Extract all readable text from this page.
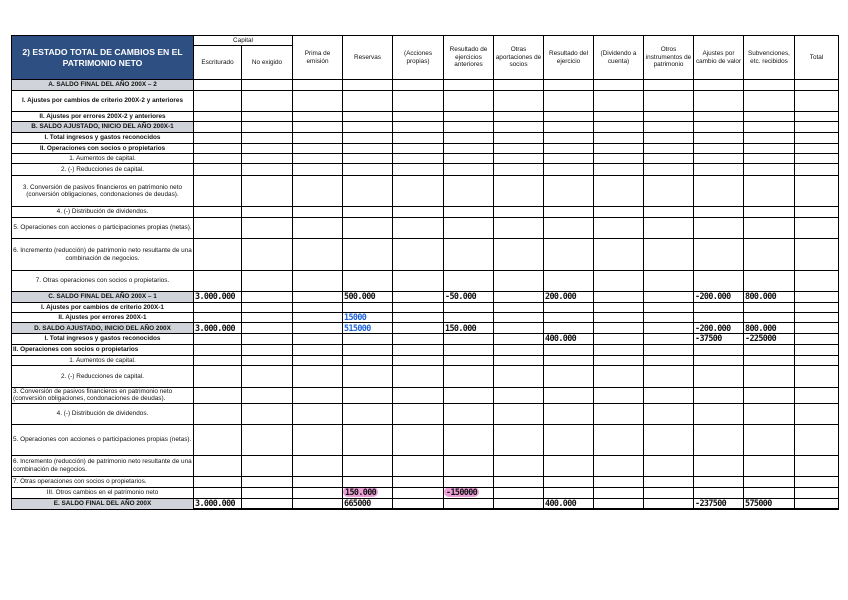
2) ESTADO TOTAL DE CAMBIOS EN EL PATRIMONIO NETO	Capital		Prima de emisión	Reservas	(Acciones propias)	Resultado de ejercicios anteriores	Otras aportaciones de socios	Resultado del ejercicio	(Dividendo a cuenta)	Otros instrumentos de patrimonio	Ajustes por cambio de valor	Subvenciones, etc. recibidos	Total
	Escriturado	No exigido											
A. SALDO FINAL DEL AÑO 200X – 2													
I. Ajustes por cambios de criterio 200X-2 y anteriores													
II. Ajustes por errores 200X-2 y anteriores													
B. SALDO AJUSTADO, INICIO DEL AÑO 200X-1													
I. Total ingresos y gastos reconocidos													
II. Operaciones con socios o propietarios													
1. Aumentos de capital.													
2. (-) Reducciones de capital.													
3. Conversión de pasivos financieros en patrimonio neto (conversión obligaciones, condonaciones de deudas).													
4. (-) Distribución de dividendos.													
5. Operaciones con acciones o participaciones propias (netas).													
6. Incremento (reducción) de patrimonio neto resultante de una combinación de negocios.													
7. Otras operaciones con socios o propietarios.													
C. SALDO FINAL DEL AÑO 200X – 1	3.000.000			500.000		-50.000		200.000			-200.000	800.000	
I. Ajustes por cambios de criterio 200X-1													
II. Ajustes por errores 200X-1				15000									
D. SALDO AJUSTADO, INICIO DEL AÑO 200X	3.000.000			515000		150.000					-200.000	800.000	
I. Total ingresos y gastos reconocidos								400.000			-37500	-225000	
II. Operaciones con socios o propietarios													
1. Aumentos de capital.													
2. (-) Reducciones de capital.													
3. Conversión de pasivos financieros en patrimonio neto (conversión obligaciones, condonaciones de deudas).													
4. (-) Distribución de dividendos.													
5. Operaciones con acciones o participaciones propias (netas).													
6. Incremento (reducción) de patrimonio neto resultante de una combinación de negocios.													
7. Otras operaciones con socios o propietarios.													
III. Otros cambios en el patrimonio neto				150.000		-150000							
E. SALDO FINAL DEL AÑO 200X	3.000.000			665000				400.000			-237500	575000	
